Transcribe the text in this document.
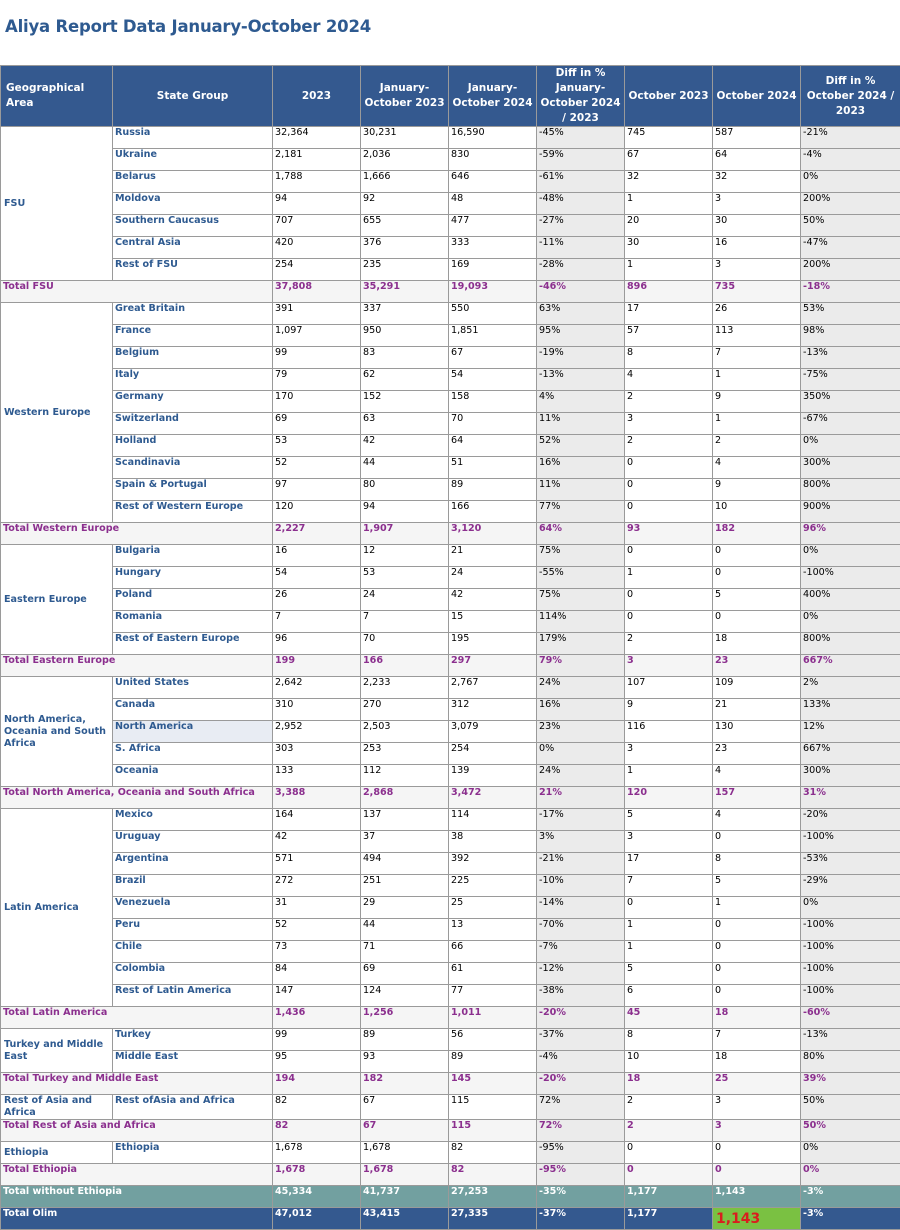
Aliya Report Data January-October 2024
Geographical Area	State Group	2023	January-October 2023	January-October 2024	Diff in % January-October 2024 / 2023	October 2023	October 2024	Diff in % October 2024 / 2023
FSU	Russia	32,364	30,231	16,590	-45%	745	587	-21%
	Ukraine	2,181	2,036	830	-59%	67	64	-4%
	Belarus	1,788	1,666	646	-61%	32	32	0%
	Moldova	94	92	48	-48%	1	3	200%
	Southern Caucasus	707	655	477	-27%	20	30	50%
	Central Asia	420	376	333	-11%	30	16	-47%
	Rest of FSU	254	235	169	-28%	1	3	200%
Total FSU		37,808	35,291	19,093	-46%	896	735	-18%
Western Europe	Great Britain	391	337	550	63%	17	26	53%
	France	1,097	950	1,851	95%	57	113	98%
	Belgium	99	83	67	-19%	8	7	-13%
	Italy	79	62	54	-13%	4	1	-75%
	Germany	170	152	158	4%	2	9	350%
	Switzerland	69	63	70	11%	3	1	-67%
	Holland	53	42	64	52%	2	2	0%
	Scandinavia	52	44	51	16%	0	4	300%
	Spain & Portugal	97	80	89	11%	0	9	800%
	Rest of Western Europe	120	94	166	77%	0	10	900%
Total Western Europe		2,227	1,907	3,120	64%	93	182	96%
Eastern Europe	Bulgaria	16	12	21	75%	0	0	0%
	Hungary	54	53	24	-55%	1	0	-100%
	Poland	26	24	42	75%	0	5	400%
	Romania	7	7	15	114%	0	0	0%
	Rest of Eastern Europe	96	70	195	179%	2	18	800%
Total Eastern Europe		199	166	297	79%	3	23	667%
North America, Oceania and South Africa	United States	2,642	2,233	2,767	24%	107	109	2%
	Canada	310	270	312	16%	9	21	133%
	North America	2,952	2,503	3,079	23%	116	130	12%
	S. Africa	303	253	254	0%	3	23	667%
	Oceania	133	112	139	24%	1	4	300%
Total North America, Oceania and South Africa		3,388	2,868	3,472	21%	120	157	31%
Latin America	Mexico	164	137	114	-17%	5	4	-20%
	Uruguay	42	37	38	3%	3	0	-100%
	Argentina	571	494	392	-21%	17	8	-53%
	Brazil	272	251	225	-10%	7	5	-29%
	Venezuela	31	29	25	-14%	0	1	0%
	Peru	52	44	13	-70%	1	0	-100%
	Chile	73	71	66	-7%	1	0	-100%
	Colombia	84	69	61	-12%	5	0	-100%
	Rest of Latin America	147	124	77	-38%	6	0	-100%
Total Latin America		1,436	1,256	1,011	-20%	45	18	-60%
Turkey and Middle East	Turkey	99	89	56	-37%	8	7	-13%
	Middle East	95	93	89	-4%	10	18	80%
Total Turkey and Middle East		194	182	145	-20%	18	25	39%
Rest of Asia and Africa	Rest ofAsia and Africa	82	67	115	72%	2	3	50%
Total Rest of Asia and Africa		82	67	115	72%	2	3	50%
Ethiopia	Ethiopia	1,678	1,678	82	-95%	0	0	0%
Total Ethiopia		1,678	1,678	82	-95%	0	0	0%
Total without Ethiopia		45,334	41,737	27,253	-35%	1,177	1,143	-3%
Total Olim		47,012	43,415	27,335	-37%	1,177	1,143	-3%
